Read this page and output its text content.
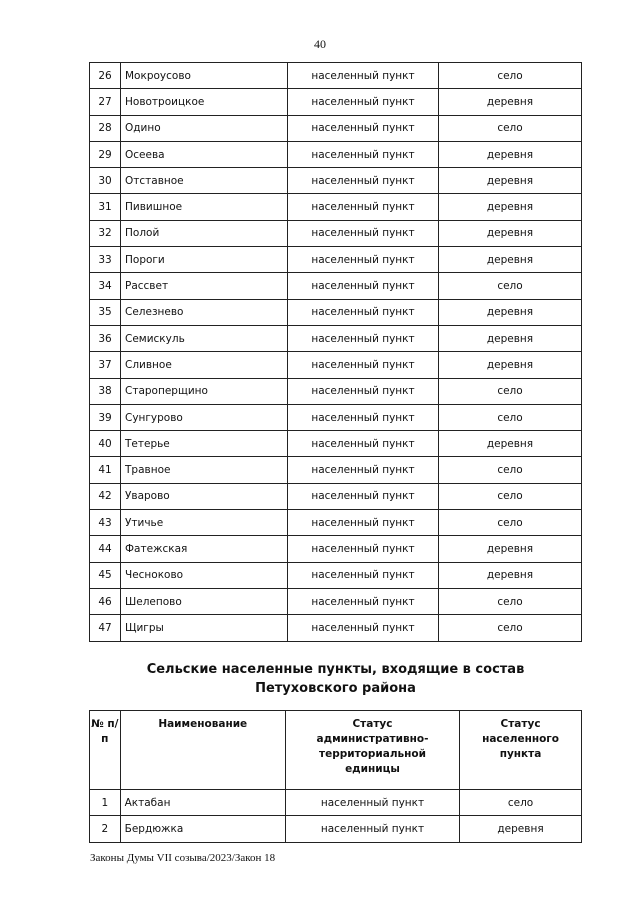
40
26	Мокроусово	населенный пункт	село
27	Новотроицкое	населенный пункт	деревня
28	Одино	населенный пункт	село
29	Осеева	населенный пункт	деревня
30	Отставное	населенный пункт	деревня
31	Пивишное	населенный пункт	деревня
32	Полой	населенный пункт	деревня
33	Пороги	населенный пункт	деревня
34	Рассвет	населенный пункт	село
35	Селезнево	населенный пункт	деревня
36	Семискуль	населенный пункт	деревня
37	Сливное	населенный пункт	деревня
38	Староперщино	населенный пункт	село
39	Сунгурово	населенный пункт	село
40	Тетерье	населенный пункт	деревня
41	Травное	населенный пункт	село
42	Уварово	населенный пункт	село
43	Утичье	населенный пункт	село
44	Фатежская	населенный пункт	деревня
45	Чесноково	населенный пункт	деревня
46	Шелепово	населенный пункт	село
47	Щигры	населенный пункт	село
Сельские населенные пункты, входящие в состав
Петуховского района
№ п/п	Наименование	Статус административно-территориальной единицы	Статус населенного пункта
1	Актабан	населенный пункт	село
2	Бердюжка	населенный пункт	деревня
Законы Думы VII созыва/2023/Закон 18
